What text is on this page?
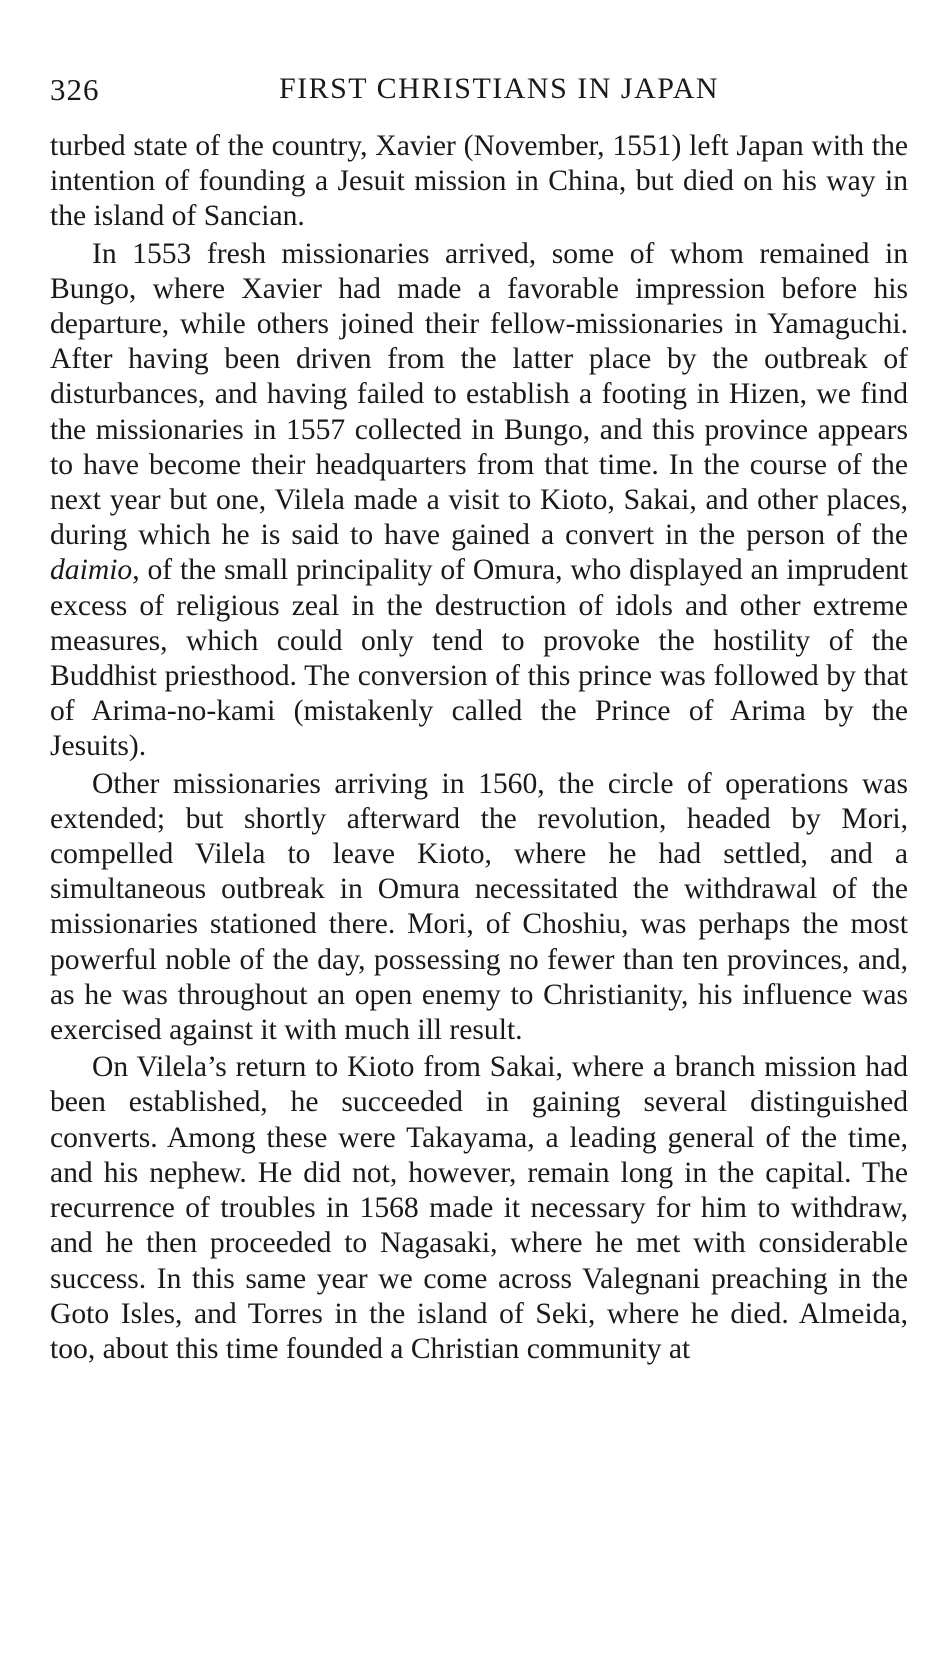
326	FIRST CHRISTIANS IN JAPAN

turbed state of the country, Xavier (November, 1551) left Japan with the intention of founding a Jesuit mission in China, but died on his way in the island of Sancian.

In 1553 fresh missionaries arrived, some of whom remained in Bungo, where Xavier had made a favorable impression before his departure, while others joined their fellow-missionaries in Yamaguchi. After having been driven from the latter place by the outbreak of disturbances, and having failed to establish a footing in Hizen, we find the missionaries in 1557 collected in Bungo, and this province appears to have become their headquarters from that time. In the course of the next year but one, Vilela made a visit to Kioto, Sakai, and other places, during which he is said to have gained a convert in the person of the daimio, of the small principality of Omura, who displayed an imprudent excess of religious zeal in the destruction of idols and other extreme measures, which could only tend to provoke the hostility of the Buddhist priesthood. The conversion of this prince was followed by that of Arima-no-kami (mistakenly called the Prince of Arima by the Jesuits).

Other missionaries arriving in 1560, the circle of operations was extended; but shortly afterward the revolution, headed by Mori, compelled Vilela to leave Kioto, where he had settled, and a simultaneous outbreak in Omura necessitated the withdrawal of the missionaries stationed there. Mori, of Choshiu, was perhaps the most powerful noble of the day, possessing no fewer than ten provinces, and, as he was throughout an open enemy to Christianity, his influence was exercised against it with much ill result.

On Vilela’s return to Kioto from Sakai, where a branch mission had been established, he succeeded in gaining several distinguished converts. Among these were Takayama, a leading general of the time, and his nephew. He did not, however, remain long in the capital. The recurrence of troubles in 1568 made it necessary for him to withdraw, and he then proceeded to Nagasaki, where he met with considerable success. In this same year we come across Valegnani preaching in the Goto Isles, and Torres in the island of Seki, where he died. Almeida, too, about this time founded a Christian community at
